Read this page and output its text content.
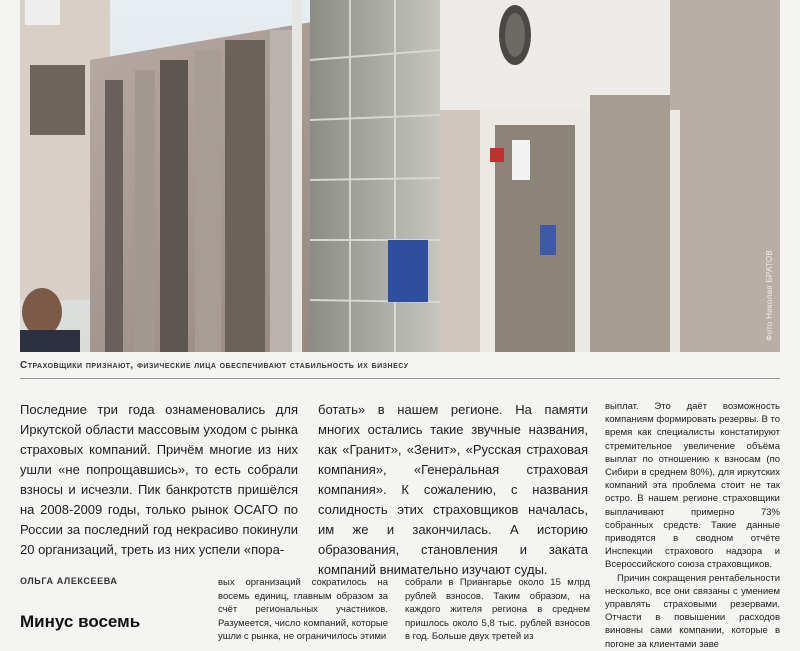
Фото Николая БРАТОВ
Страховщики признают, физические лица обеспечивают стабильность их бизнесу

Последние три года ознаменовались для Иркутской области массовым уходом с рынка страховых компаний. Причём многие из них ушли «не попрощавшись», то есть собрали взносы и исчезли. Пик банкротств пришёлся на 2008-2009 годы, только рынок ОСАГО по России за последний год некрасиво покинули 20 организаций, треть из них успели «пора-

ботать» в нашем регионе. На памяти многих остались такие звучные названия, как «Гранит», «Зенит», «Русская страховая компания», «Генеральная страховая компания». К сожалению, с названия солидность этих страховщиков началась, им же и закончилась. А историю образования, становления и заката компаний внимательно изучают суды.

выплат. Это даёт возможность компаниям формировать резервы. В то время как специалисты констатируют стремительное увеличение объёма выплат по отношению к взносам (по Сибири в среднем 80%), для иркутских компаний эта проблема стоит не так остро. В нашем регионе страховщики выплачивают примерно 73% собранных средств. Такие данные приводятся в сводном отчёте Инспекции страхового надзора и Всероссийского союза страховщиков.

Причин сокращения рентабельности несколько, все они связаны с умением управлять страховыми резервами. Отчасти в повышении расходов виновны сами компании, которые в погоне за клиентами заве

ОЛЬГА АЛЕКСЕЕВА
Минус восемь
вых организаций сократилось на восемь единиц, главным образом за счёт региональных участников. Разумеется, число компаний, которые ушли с рынка, не ограничилось этими
собрали в Приангарье около 15 млрд рублей взносов. Таким образом, на каждого жителя региона в среднем пришлось около 5,8 тыс. рублей взносов в год. Больше двух третей из
